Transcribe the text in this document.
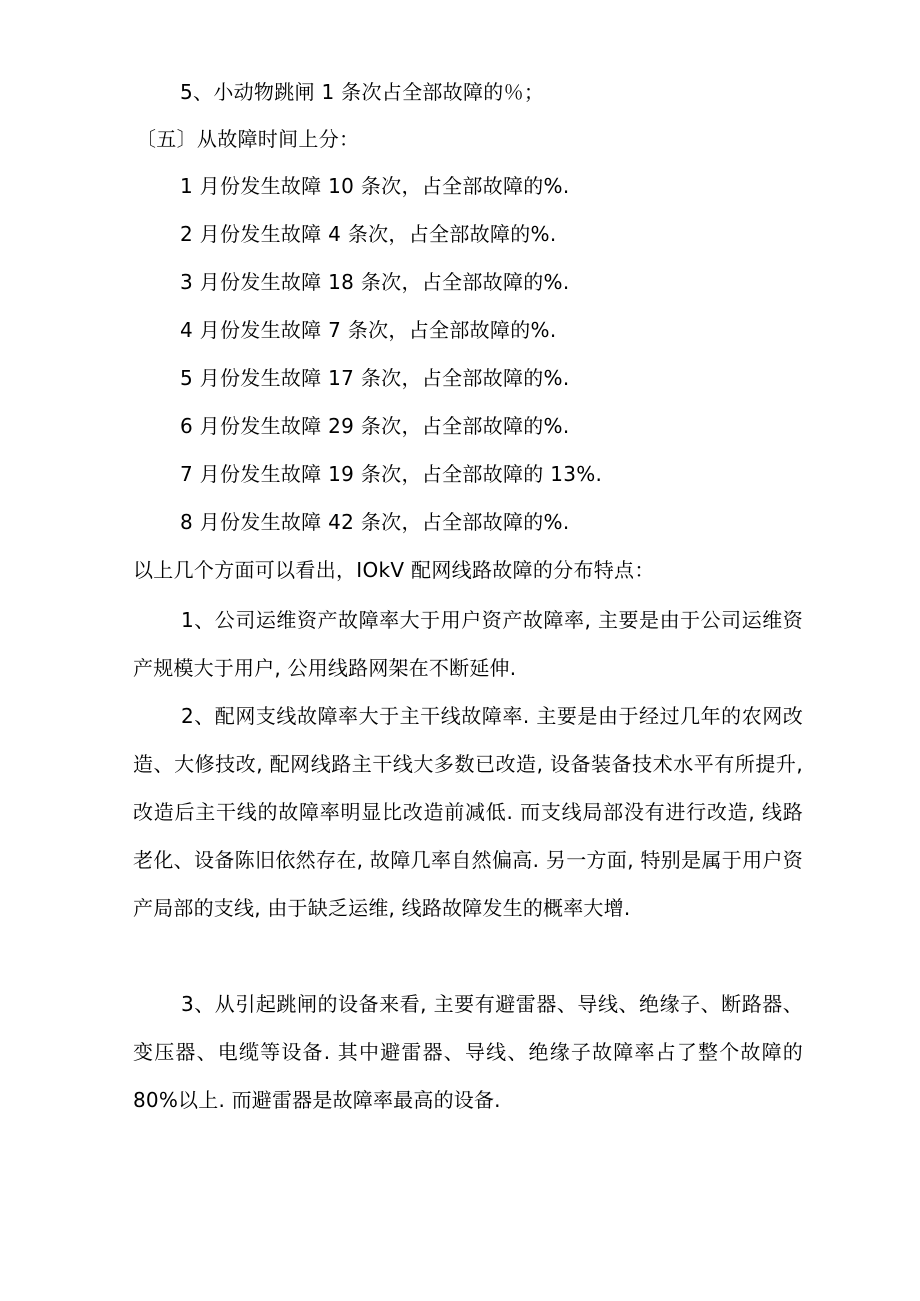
5、小动物跳闸 1 条次占全部故障的％；
〔五〕从故障时间上分：
1 月份发生故障 10 条次，占全部故障的%.
2 月份发生故障 4 条次，占全部故障的%.
3 月份发生故障 18 条次，占全部故障的%.
4 月份发生故障 7 条次，占全部故障的%.
5 月份发生故障 17 条次，占全部故障的%.
6 月份发生故障 29 条次，占全部故障的%.
7 月份发生故障 19 条次，占全部故障的 13%.
8 月份发生故障 42 条次，占全部故障的%.
以上几个方面可以看出，IOkV 配网线路故障的分布特点：

1、公司运维资产故障率大于用户资产故障率, 主要是由于公司运维资产规模大于用户, 公用线路网架在不断延伸.

2、配网支线故障率大于主干线故障率. 主要是由于经过几年的农网改造、大修技改, 配网线路主干线大多数已改造, 设备装备技术水平有所提升, 改造后主干线的故障率明显比改造前减低. 而支线局部没有进行改造, 线路老化、设备陈旧依然存在, 故障几率自然偏高. 另一方面, 特别是属于用户资产局部的支线, 由于缺乏运维, 线路故障发生的概率大增.

3、从引起跳闸的设备来看, 主要有避雷器、导线、绝缘子、断路器、变压器、电缆等设备. 其中避雷器、导线、绝缘子故障率占了整个故障的 80%以上. 而避雷器是故障率最高的设备.
